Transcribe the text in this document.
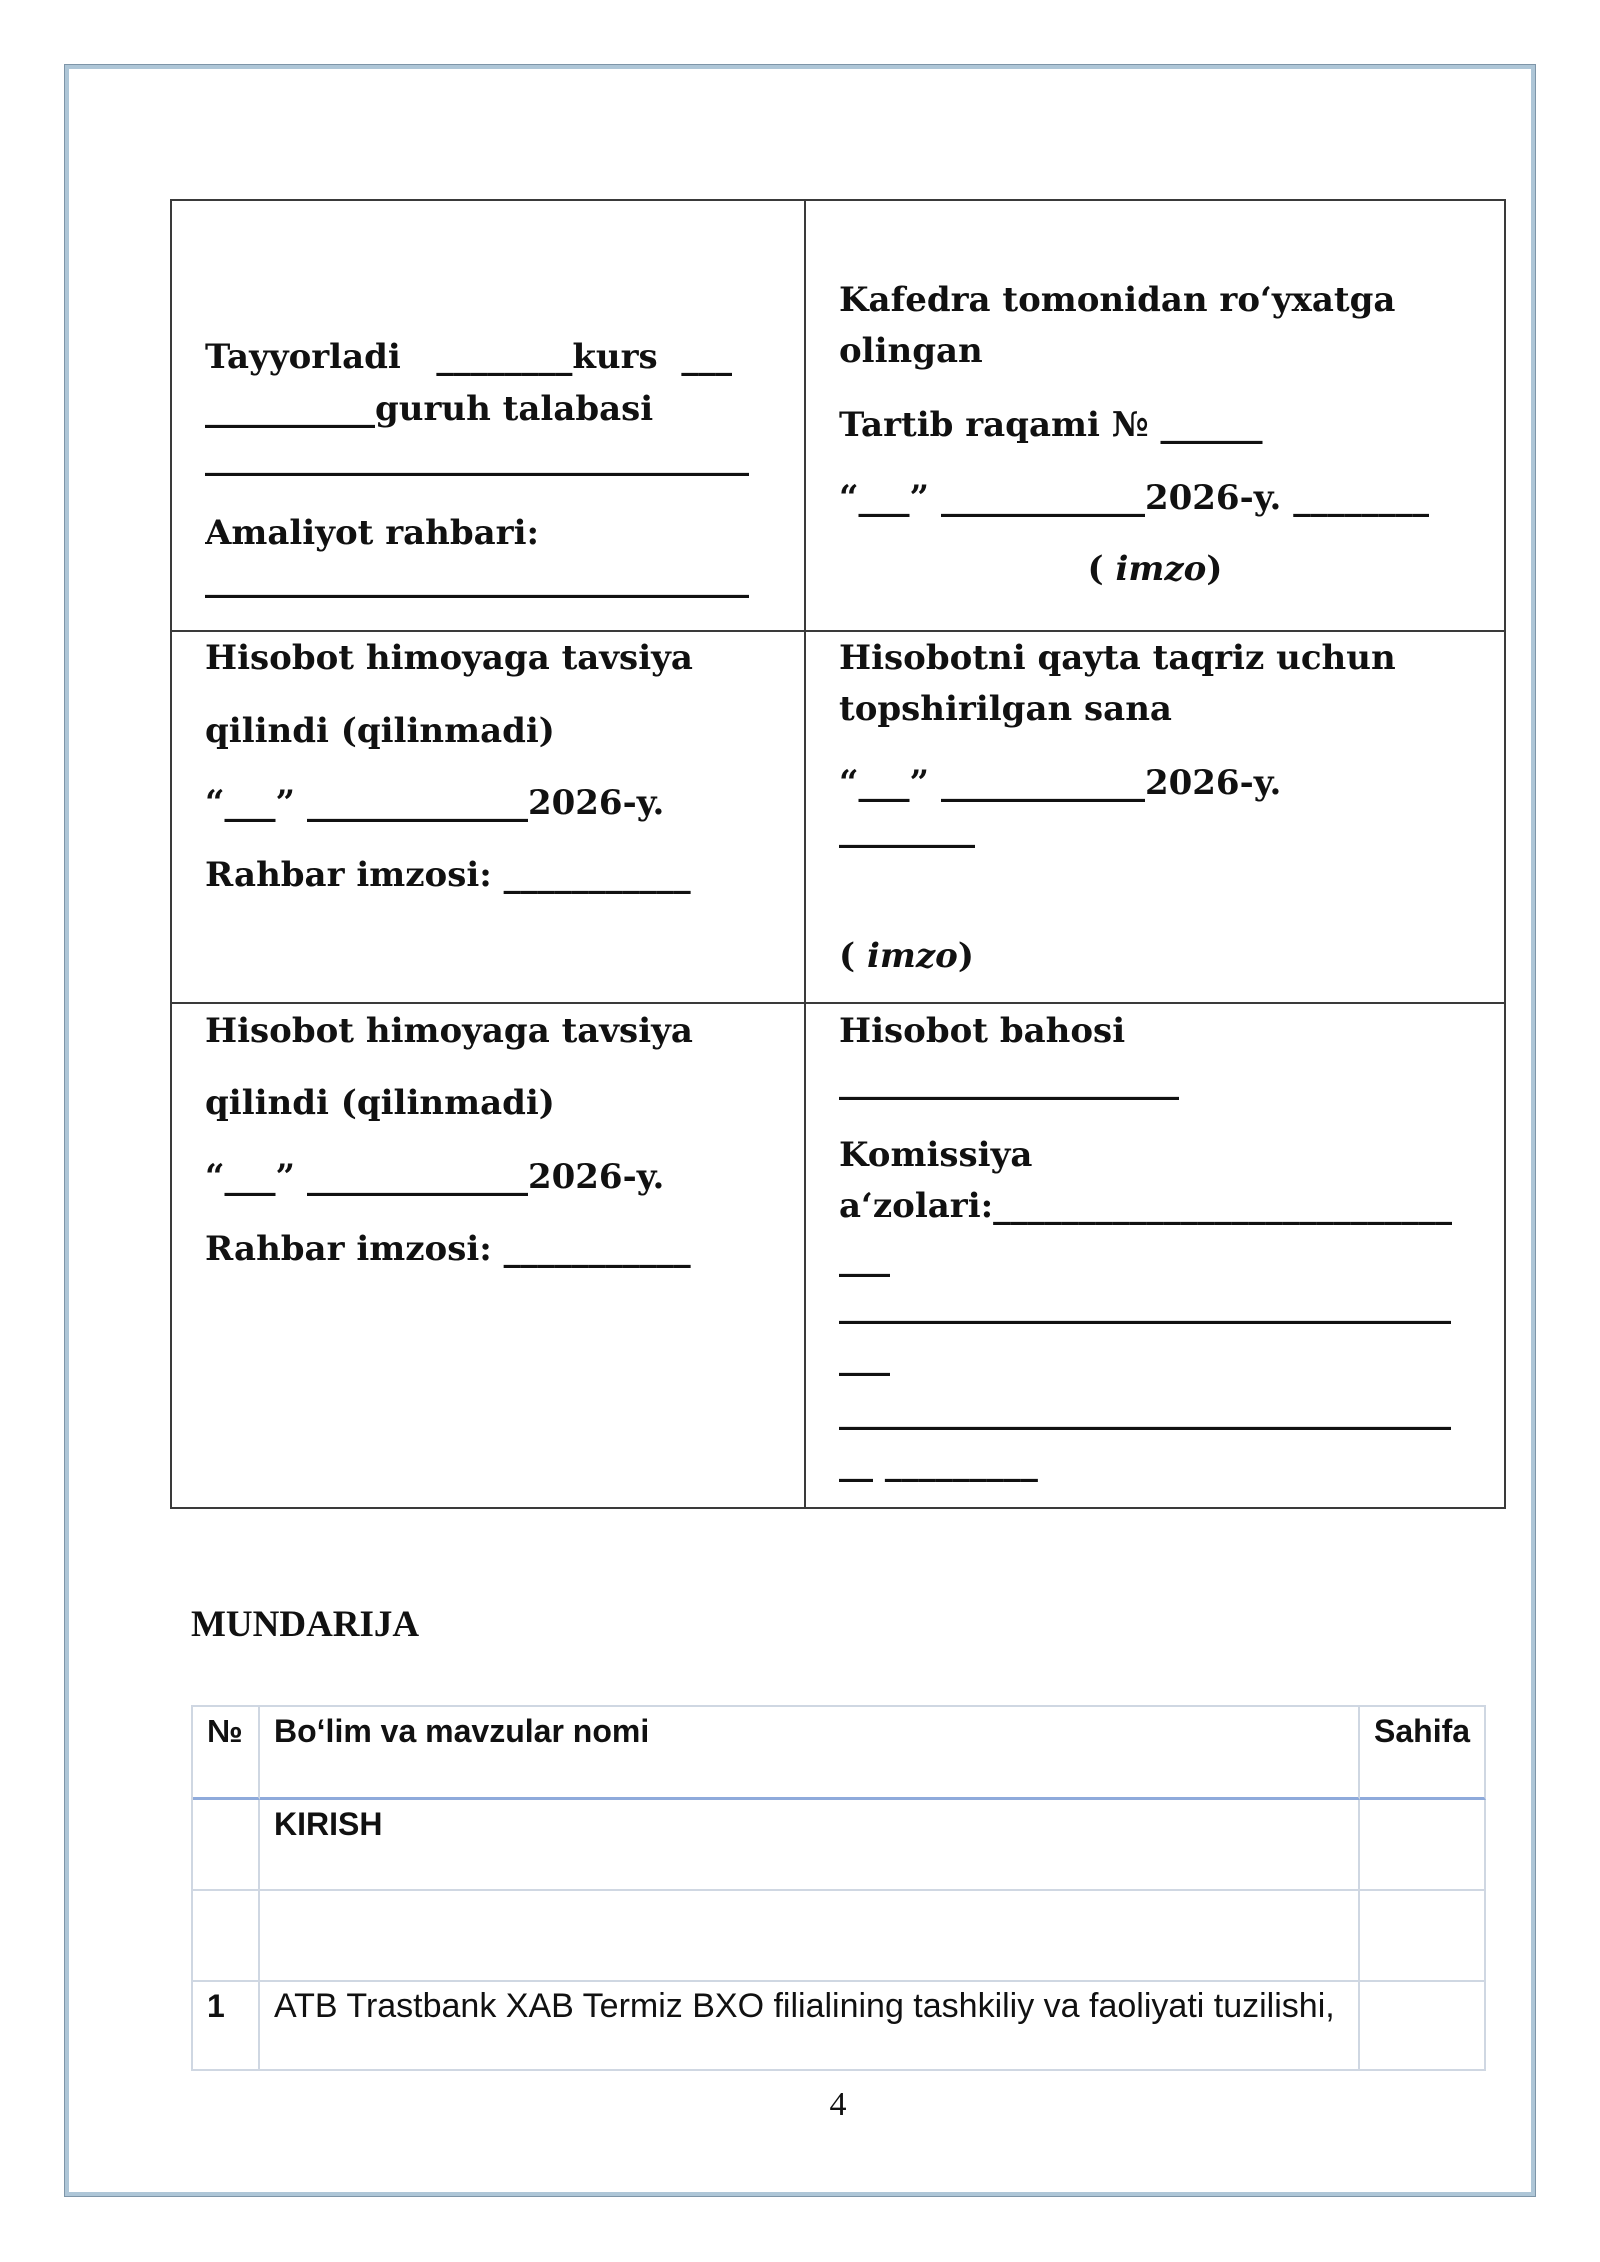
Tayyorladi   ________kurs  ___
__________guruh talabasi
________________________________
Amaliyot rahbari:
________________________________
Kafedra tomonidan ro‘yxatga
olingan
Tartib raqami № ______
“___” ____________2026-y. ________
( imzo)
Hisobot himoyaga tavsiya
qilindi (qilinmadi)
“___” _____________2026-y.
Rahbar imzosi: ___________
Hisobotni qayta taqriz uchun
topshirilgan sana
“___” ____________2026-y.
________
( imzo)
Hisobot himoyaga tavsiya
qilindi (qilinmadi)
“___” _____________2026-y.
Rahbar imzosi: ___________
Hisobot bahosi
____________________
Komissiya
a‘zolari:___________________________
___
____________________________________
___
____________________________________
__ _________
MUNDARIJA
№ Bo‘lim va mavzular nomi	Sahifa
KIRISH
1	ATB Trastbank XAB Termiz BXO filialining tashkiliy va faoliyati tuzilishi,
4
